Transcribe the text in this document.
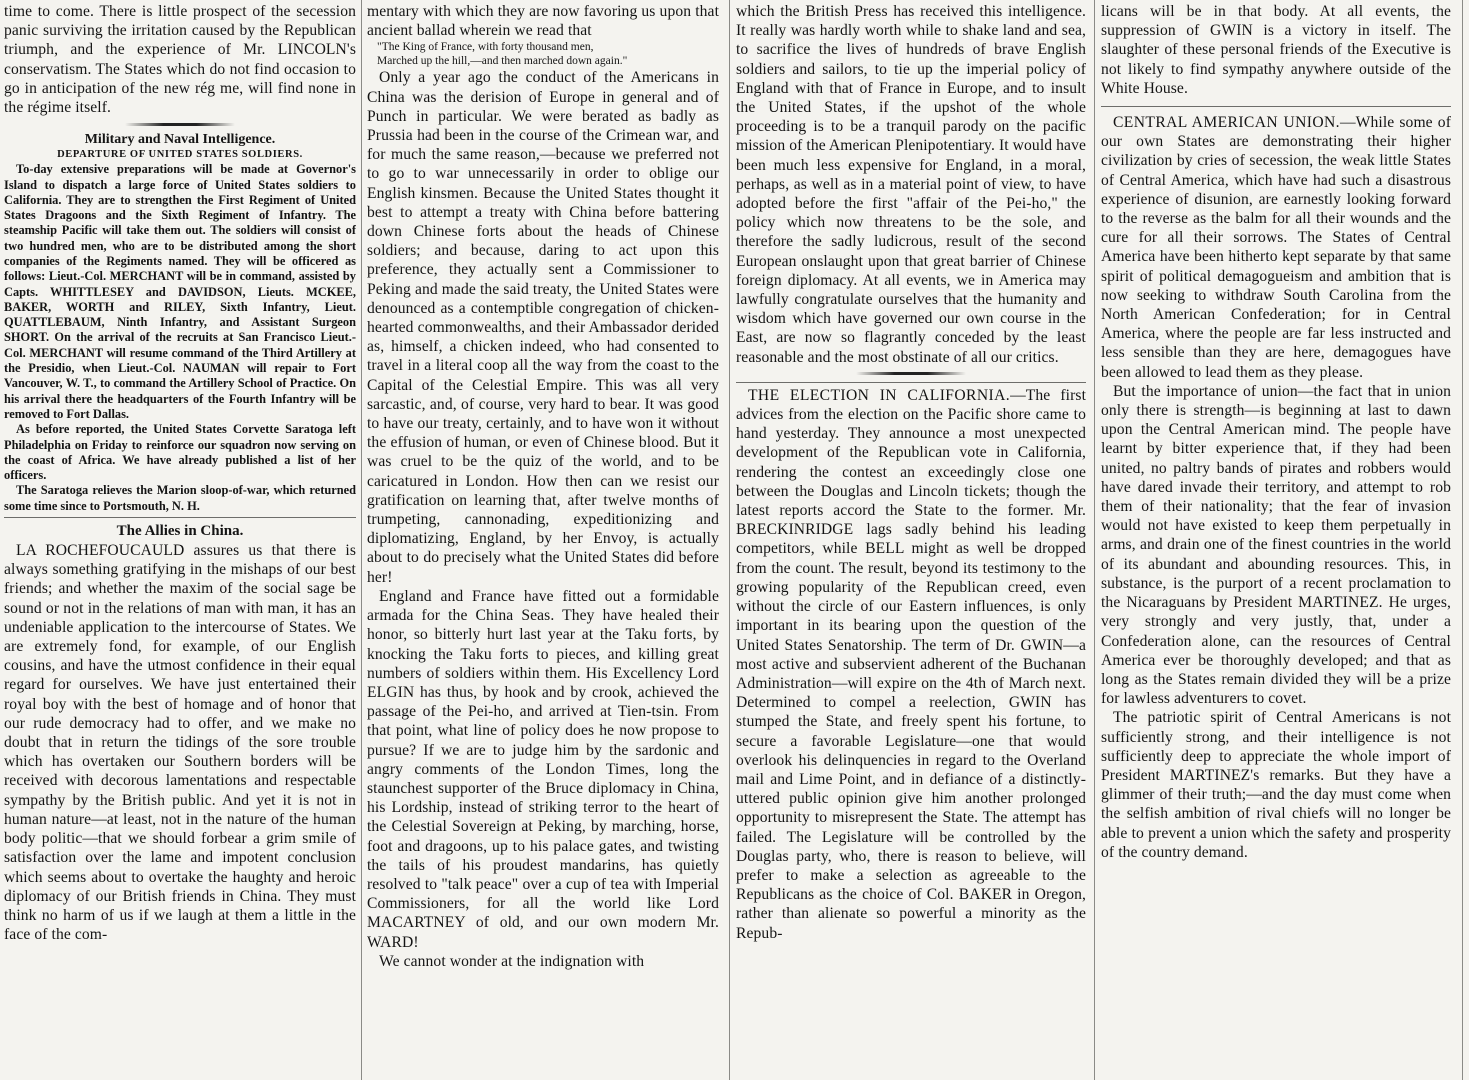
time to come. There is little prospect of the secession panic surviving the irritation caused by the Republican triumph, and the experience of Mr. LINCOLN's conservatism. The States which do not find occasion to go in anticipation of the new rég me, will find none in the régime itself.

Military and Naval Intelligence.
DEPARTURE OF UNITED STATES SOLDIERS.

To-day extensive preparations will be made at Governor's Island to dispatch a large force of United States soldiers to California. They are to strengthen the First Regiment of United States Dragoons and the Sixth Regiment of Infantry. The steamship Pacific will take them out. The soldiers will consist of two hundred men, who are to be distributed among the short companies of the Regiments named. They will be officered as follows: Lieut.-Col. MERCHANT will be in command, assisted by Capts. WHITTLESEY and DAVIDSON, Lieuts. MCKEE, BAKER, WORTH and RILEY, Sixth Infantry, Lieut. QUATTLEBAUM, Ninth Infantry, and Assistant Surgeon SHORT. On the arrival of the recruits at San Francisco Lieut.-Col. MERCHANT will resume command of the Third Artillery at the Presidio, when Lieut.-Col. NAUMAN will repair to Fort Vancouver, W. T., to command the Artillery School of Practice. On his arrival there the headquarters of the Fourth Infantry will be removed to Fort Dallas.

As before reported, the United States Corvette Saratoga left Philadelphia on Friday to reinforce our squadron now serving on the coast of Africa. We have already published a list of her officers.

The Saratoga relieves the Marion sloop-of-war, which returned some time since to Portsmouth, N. H.

The Allies in China.

LA ROCHEFOUCAULD assures us that there is always something gratifying in the mishaps of our best friends; and whether the maxim of the social sage be sound or not in the relations of man with man, it has an undeniable application to the intercourse of States. We are extremely fond, for example, of our English cousins, and have the utmost confidence in their equal regard for ourselves. We have just entertained their royal boy with the best of homage and of honor that our rude democracy had to offer, and we make no doubt that in return the tidings of the sore trouble which has overtaken our Southern borders will be received with decorous lamentations and respectable sympathy by the British public. And yet it is not in human nature—at least, not in the nature of the human body politic—that we should forbear a grim smile of satisfaction over the lame and impotent conclusion which seems about to overtake the haughty and heroic diplomacy of our British friends in China. They must think no harm of us if we laugh at them a little in the face of the com-

mentary with which they are now favoring us upon that ancient ballad wherein we read that

"The King of France, with forty thousand men,
Marched up the hill,—and then marched down again."

Only a year ago the conduct of the Americans in China was the derision of Europe in general and of Punch in particular. We were berated as badly as Prussia had been in the course of the Crimean war, and for much the same reason,—because we preferred not to go to war unnecessarily in order to oblige our English kinsmen. Because the United States thought it best to attempt a treaty with China before battering down Chinese forts about the heads of Chinese soldiers; and because, daring to act upon this preference, they actually sent a Commissioner to Peking and made the said treaty, the United States were denounced as a contemptible congregation of chicken-hearted commonwealths, and their Ambassador derided as, himself, a chicken indeed, who had consented to travel in a literal coop all the way from the coast to the Capital of the Celestial Empire. This was all very sarcastic, and, of course, very hard to bear. It was good to have our treaty, certainly, and to have won it without the effusion of human, or even of Chinese blood. But it was cruel to be the quiz of the world, and to be caricatured in London. How then can we resist our gratification on learning that, after twelve months of trumpeting, cannonading, expeditionizing and diplomatizing, England, by her Envoy, is actually about to do precisely what the United States did before her!

England and France have fitted out a formidable armada for the China Seas. They have healed their honor, so bitterly hurt last year at the Taku forts, by knocking the Taku forts to pieces, and killing great numbers of soldiers within them. His Excellency Lord ELGIN has thus, by hook and by crook, achieved the passage of the Pei-ho, and arrived at Tien-tsin. From that point, what line of policy does he now propose to pursue? If we are to judge him by the sardonic and angry comments of the London Times, long the staunchest supporter of the Bruce diplomacy in China, his Lordship, instead of striking terror to the heart of the Celestial Sovereign at Peking, by marching, horse, foot and dragoons, up to his palace gates, and twisting the tails of his proudest mandarins, has quietly resolved to "talk peace" over a cup of tea with Imperial Commissioners, for all the world like Lord MACARTNEY of old, and our own modern Mr. WARD!

We cannot wonder at the indignation with

which the British Press has received this intelligence. It really was hardly worth while to shake land and sea, to sacrifice the lives of hundreds of brave English soldiers and sailors, to tie up the imperial policy of England with that of France in Europe, and to insult the United States, if the upshot of the whole proceeding is to be a tranquil parody on the pacific mission of the American Plenipotentiary. It would have been much less expensive for England, in a moral, perhaps, as well as in a material point of view, to have adopted before the first "affair of the Pei-ho," the policy which now threatens to be the sole, and therefore the sadly ludicrous, result of the second European onslaught upon that great barrier of Chinese foreign diplomacy. At all events, we in America may lawfully congratulate ourselves that the humanity and wisdom which have governed our own course in the East, are now so flagrantly conceded by the least reasonable and the most obstinate of all our critics.

THE ELECTION IN CALIFORNIA.—The first advices from the election on the Pacific shore came to hand yesterday. They announce a most unexpected development of the Republican vote in California, rendering the contest an exceedingly close one between the Douglas and Lincoln tickets; though the latest reports accord the State to the former. Mr. BRECKINRIDGE lags sadly behind his leading competitors, while BELL might as well be dropped from the count. The result, beyond its testimony to the growing popularity of the Republican creed, even without the circle of our Eastern influences, is only important in its bearing upon the question of the United States Senatorship. The term of Dr. GWIN—a most active and subservient adherent of the Buchanan Administration—will expire on the 4th of March next. Determined to compel a reelection, GWIN has stumped the State, and freely spent his fortune, to secure a favorable Legislature—one that would overlook his delinquencies in regard to the Overland mail and Lime Point, and in defiance of a distinctly-uttered public opinion give him another prolonged opportunity to misrepresent the State. The attempt has failed. The Legislature will be controlled by the Douglas party, who, there is reason to believe, will prefer to make a selection as agreeable to the Republicans as the choice of Col. BAKER in Oregon, rather than alienate so powerful a minority as the Repub-

licans will be in that body. At all events, the suppression of GWIN is a victory in itself. The slaughter of these personal friends of the Executive is not likely to find sympathy anywhere outside of the White House.

CENTRAL AMERICAN UNION.—While some of our own States are demonstrating their higher civilization by cries of secession, the weak little States of Central America, which have had such a disastrous experience of disunion, are earnestly looking forward to the reverse as the balm for all their wounds and the cure for all their sorrows. The States of Central America have been hitherto kept separate by that same spirit of political demagogueism and ambition that is now seeking to withdraw South Carolina from the North American Confederation; for in Central America, where the people are far less instructed and less sensible than they are here, demagogues have been allowed to lead them as they please.

But the importance of union—the fact that in union only there is strength—is beginning at last to dawn upon the Central American mind. The people have learnt by bitter experience that, if they had been united, no paltry bands of pirates and robbers would have dared invade their territory, and attempt to rob them of their nationality; that the fear of invasion would not have existed to keep them perpetually in arms, and drain one of the finest countries in the world of its abundant and abounding resources. This, in substance, is the purport of a recent proclamation to the Nicaraguans by President MARTINEZ. He urges, very strongly and very justly, that, under a Confederation alone, can the resources of Central America ever be thoroughly developed; and that as long as the States remain divided they will be a prize for lawless adventurers to covet.

The patriotic spirit of Central Americans is not sufficiently strong, and their intelligence is not sufficiently deep to appreciate the whole import of President MARTINEZ's remarks. But they have a glimmer of their truth;—and the day must come when the selfish ambition of rival chiefs will no longer be able to prevent a union which the safety and prosperity of the country demand.
